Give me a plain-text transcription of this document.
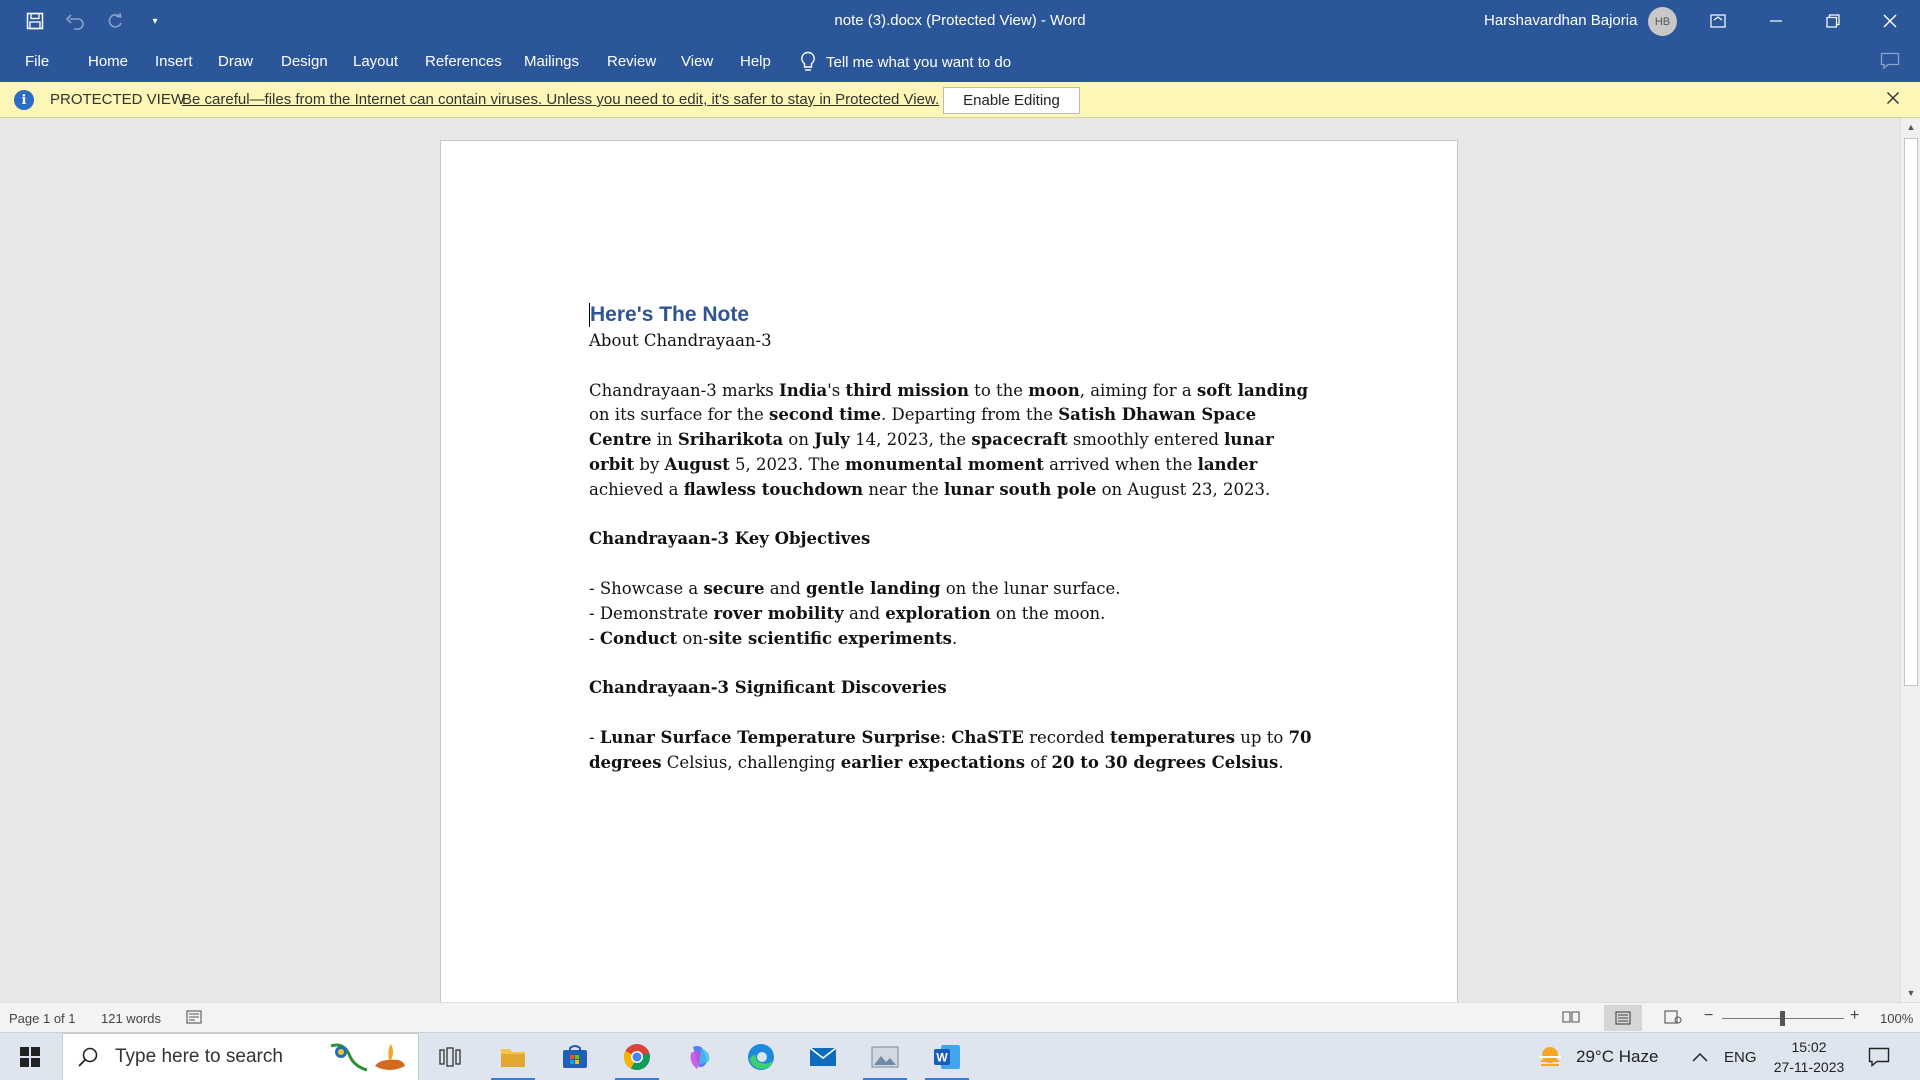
▾	note (3).docx (Protected View) - Word	Harshavardhan Bajoria	HB
File	Home Insert Draw Design Layout References Mailings Review View Help	Tell me what you want to do
i	PROTECTED VIEW
Be careful—files from the Internet can contain viruses. Unless you need to edit, it's safer to stay in Protected View.	Enable Editing
Here's The Note
About Chandrayaan-3
Chandrayaan-3 marks India's third mission to the moon, aiming for a soft landing on its surface for the second time. Departing from the Satish Dhawan Space Centre in Sriharikota on July 14, 2023, the spacecraft smoothly entered lunar orbit by August 5, 2023. The monumental moment arrived when the lander achieved a flawless touchdown near the lunar south pole on August 23, 2023.
Chandrayaan-3 Key Objectives
- Showcase a secure and gentle landing on the lunar surface.
- Demonstrate rover mobility and exploration on the moon.
- Conduct on-site scientific experiments.
Chandrayaan-3 Significant Discoveries
- Lunar Surface Temperature Surprise: ChaSTE recorded temperatures up to 70 degrees Celsius, challenging earlier expectations of 20 to 30 degrees Celsius.
▲
▼
Page 1 of 1 121 words	−	+ 100%
Type here to search	W	29°C Haze	ENG
15:02
27-11-2023
